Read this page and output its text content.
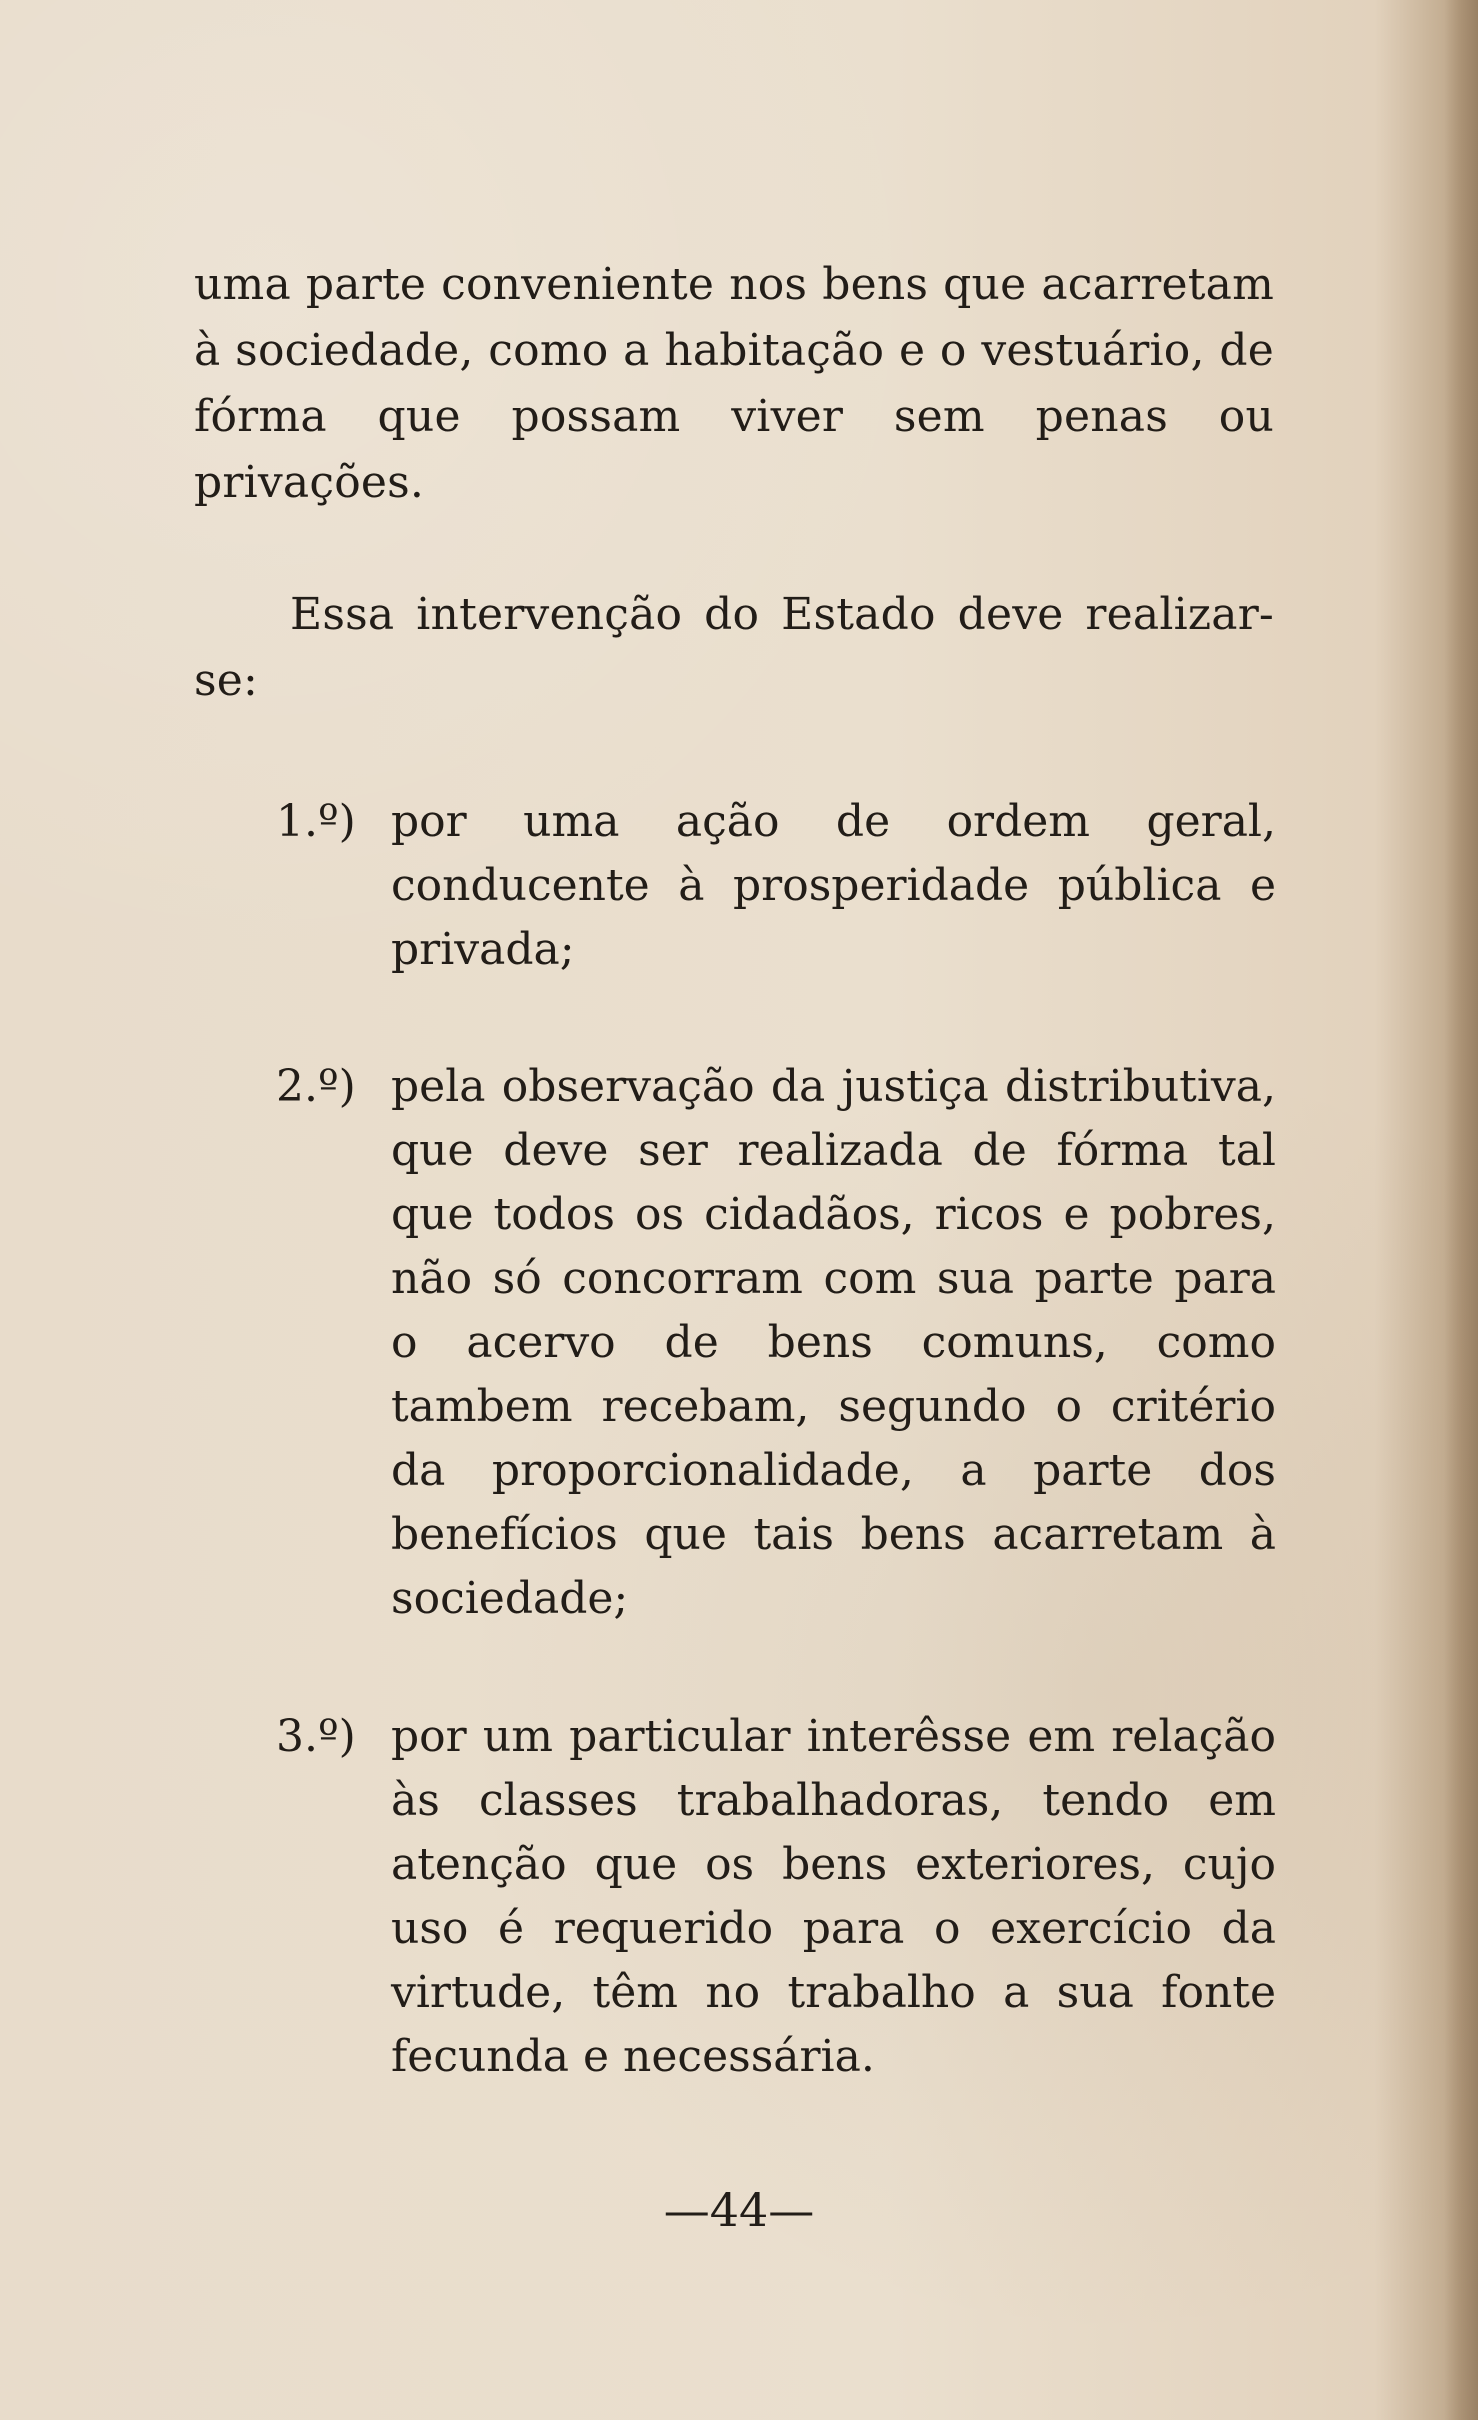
uma parte conveniente nos bens que acarretam à sociedade, como a habitação e o vestuário, de fórma que possam viver sem penas ou privações.
Essa intervenção do Estado deve realizar-se:
1.º) por uma ação de ordem geral, conducente à prosperidade pública e privada;
2.º) pela observação da justiça distributiva, que deve ser realizada de fórma tal que todos os cidadãos, ricos e pobres, não só concorram com sua parte para o acervo de bens comuns, como tambem recebam, segundo o critério da proporcionalidade, a parte dos benefícios que tais bens acarretam à sociedade;
3.º) por um particular interêsse em relação às classes trabalhadoras, tendo em atenção que os bens exteriores, cujo uso é requerido para o exercício da virtude, têm no trabalho a sua fonte fecunda e necessária.
—44—
